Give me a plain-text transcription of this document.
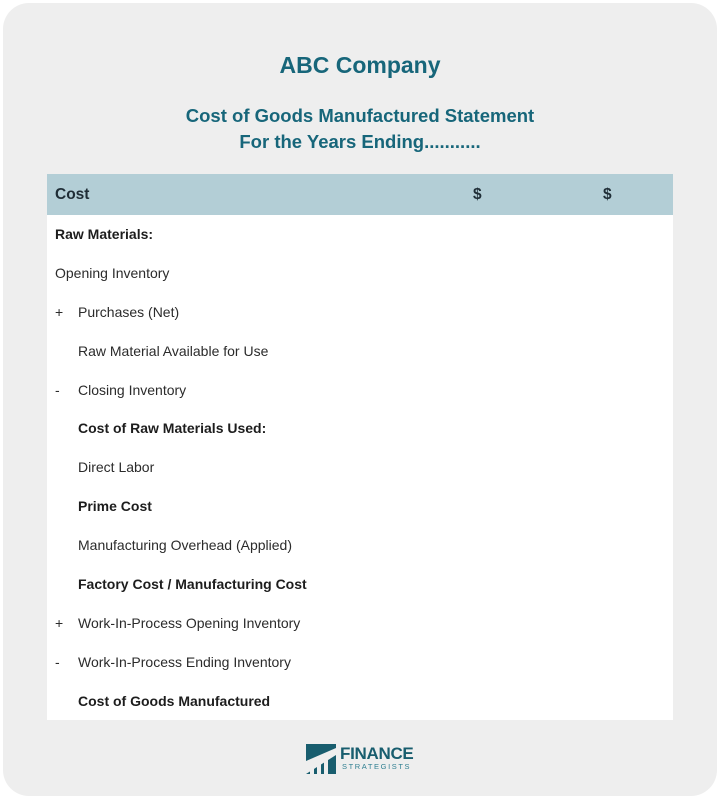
ABC Company
Cost of Goods Manufactured Statement
For the Years Ending...........
Cost	$	$
Raw Materials:
Opening Inventory
+	Purchases (Net)
Raw Material Available for Use
-	Closing Inventory
Cost of Raw Materials Used:
Direct Labor
Prime Cost
Manufacturing Overhead (Applied)
Factory Cost / Manufacturing Cost
+	Work-In-Process Opening Inventory
-	Work-In-Process Ending Inventory
Cost of Goods Manufactured
FINANCE
STRATEGISTS
